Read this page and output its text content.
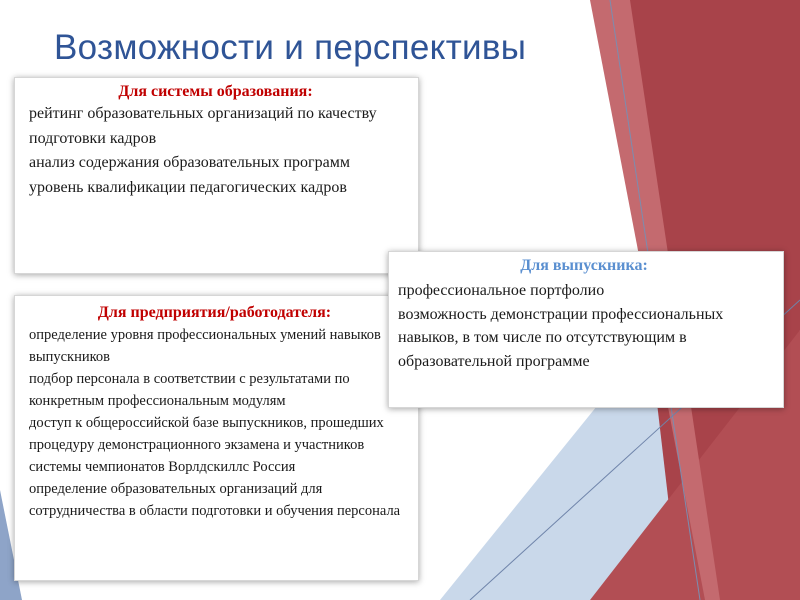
Возможности и перспективы

Для системы образования:

рейтинг образовательных организаций по качеству
подготовки кадров
анализ содержания образовательных программ
уровень квалификации педагогических кадров

Для предприятия/работодателя:

определение уровня профессиональных умений навыков выпускников
подбор персонала в соответствии с результатами по конкретным профессиональным модулям
доступ к общероссийской базе выпускников, прошедших процедуру демонстрационного экзамена и участников системы чемпионатов Ворлдскиллс Россия
определение образовательных организаций для сотрудничества в области подготовки и обучения персонала

Для выпускника:

профессиональное портфолио
возможность демонстрации профессиональных навыков, в том числе по отсутствующим в образовательной программе
